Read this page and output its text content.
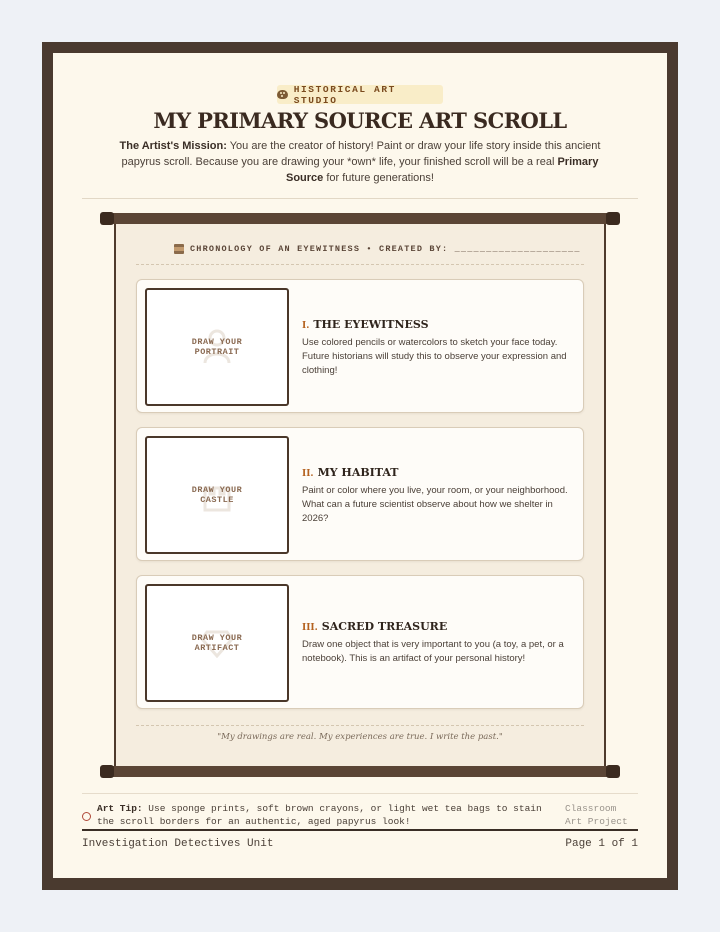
HISTORICAL ART STUDIO
MY PRIMARY SOURCE ART SCROLL
The Artist's Mission: You are the creator of history! Paint or draw your life story inside this ancient papyrus scroll. Because you are drawing your *own* life, your finished scroll will be a real Primary Source for future generations!
CHRONOLOGY OF AN EYEWITNESS • CREATED BY: ____________________
DRAW YOUR PORTRAIT
I. THE EYEWITNESS
Use colored pencils or watercolors to sketch your face today. Future historians will study this to observe your expression and clothing!
DRAW YOUR CASTLE
II. MY HABITAT
Paint or color where you live, your room, or your neighborhood. What can a future scientist observe about how we shelter in 2026?
DRAW YOUR ARTIFACT
III. SACRED TREASURE
Draw one object that is very important to you (a toy, a pet, or a notebook). This is an artifact of your personal history!
"My drawings are real. My experiences are true. I write the past."
Art Tip: Use sponge prints, soft brown crayons, or light wet tea bags to stain the scroll borders for an authentic, aged papyrus look!
Classroom Art Project
Investigation Detectives Unit	Page 1 of 1
